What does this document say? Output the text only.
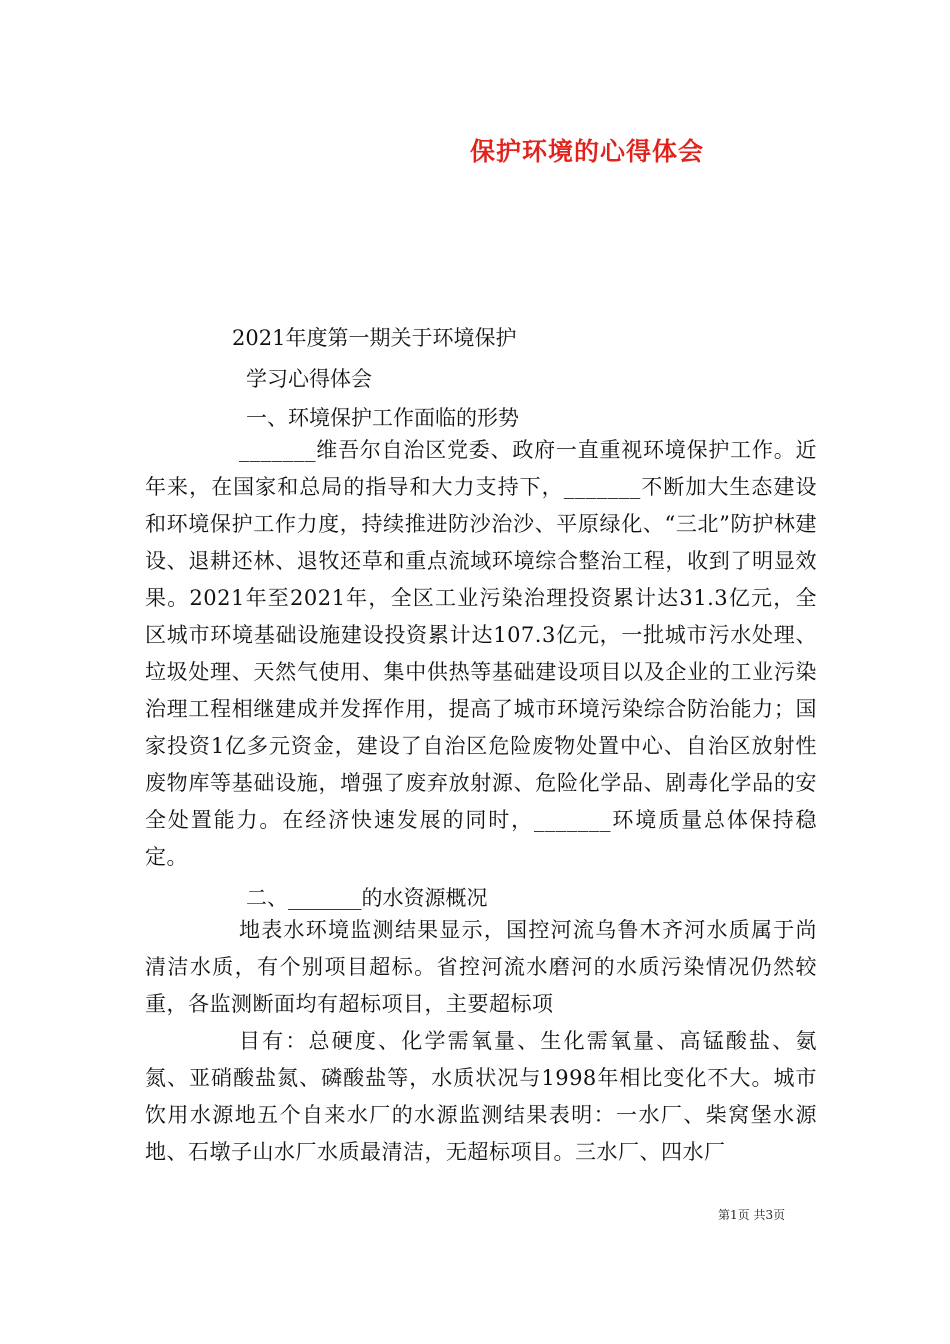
保护环境的心得体会
2021年度第一期关于环境保护
学习心得体会
一、环境保护工作面临的形势
_______维吾尔自治区党委、政府一直重视环境保护工作。近年来，在国家和总局的指导和大力支持下，_______不断加大生态建设和环境保护工作力度，持续推进防沙治沙、平原绿化、“三北”防护林建设、退耕还林、退牧还草和重点流域环境综合整治工程，收到了明显效果。2021年至2021年，全区工业污染治理投资累计达31.3亿元，全区城市环境基础设施建设投资累计达107.3亿元，一批城市污水处理、垃圾处理、天然气使用、集中供热等基础建设项目以及企业的工业污染治理工程相继建成并发挥作用，提高了城市环境污染综合防治能力；国家投资1亿多元资金，建设了自治区危险废物处置中心、自治区放射性废物库等基础设施，增强了废弃放射源、危险化学品、剧毒化学品的安全处置能力。在经济快速发展的同时，_______环境质量总体保持稳定。
二、_______的水资源概况
地表水环境监测结果显示，国控河流乌鲁木齐河水质属于尚清洁水质，有个别项目超标。省控河流水磨河的水质污染情况仍然较重，各监测断面均有超标项目，主要超标项
目有：总硬度、化学需氧量、生化需氧量、高锰酸盐、氨氮、亚硝酸盐氮、磷酸盐等，水质状况与1998年相比变化不大。城市饮用水源地五个自来水厂的水源监测结果表明：一水厂、柴窝堡水源地、石墩子山水厂水质最清洁，无超标项目。三水厂、四水厂
第1页 共3页
